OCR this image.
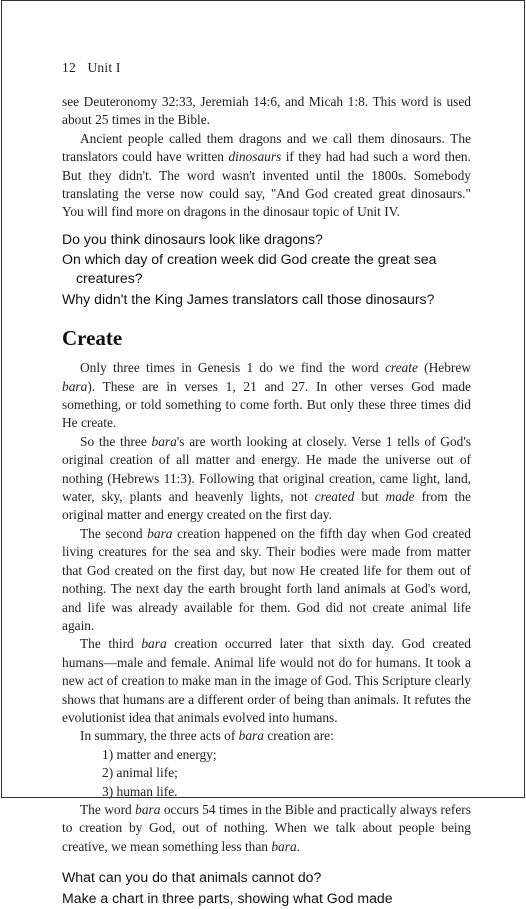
12 Unit I

see Deuteronomy 32:33, Jeremiah 14:6, and Micah 1:8. This word is used about 25 times in the Bible.

Ancient people called them dragons and we call them dinosaurs. The translators could have written dinosaurs if they had had such a word then. But they didn't. The word wasn't invented until the 1800s. Somebody translating the verse now could say, "And God created great dinosaurs." You will find more on dragons in the dinosaur topic of Unit IV.

Do you think dinosaurs look like dragons?
On which day of creation week did God create the great sea creatures?
Why didn't the King James translators call those dinosaurs?
Create

Only three times in Genesis 1 do we find the word create (Hebrew bara). These are in verses 1, 21 and 27. In other verses God made something, or told something to come forth. But only these three times did He create.

So the three bara's are worth looking at closely. Verse 1 tells of God's original creation of all matter and energy. He made the universe out of nothing (Hebrews 11:3). Following that original creation, came light, land, water, sky, plants and heavenly lights, not created but made from the original matter and energy created on the first day.

The second bara creation happened on the fifth day when God created living creatures for the sea and sky. Their bodies were made from matter that God created on the first day, but now He created life for them out of nothing. The next day the earth brought forth land animals at God's word, and life was already available for them. God did not create animal life again.

The third bara creation occurred later that sixth day. God created humans—male and female. Animal life would not do for humans. It took a new act of creation to make man in the image of God. This Scripture clearly shows that humans are a different order of being than animals. It refutes the evolutionist idea that animals evolved into humans.

In summary, the three acts of bara creation are:

1) matter and energy;
2) animal life;
3) human life.

The word bara occurs 54 times in the Bible and practically always refers to creation by God, out of nothing. When we talk about people being creative, we mean something less than bara.

What can you do that animals cannot do?
Make a chart in three parts, showing what God made
